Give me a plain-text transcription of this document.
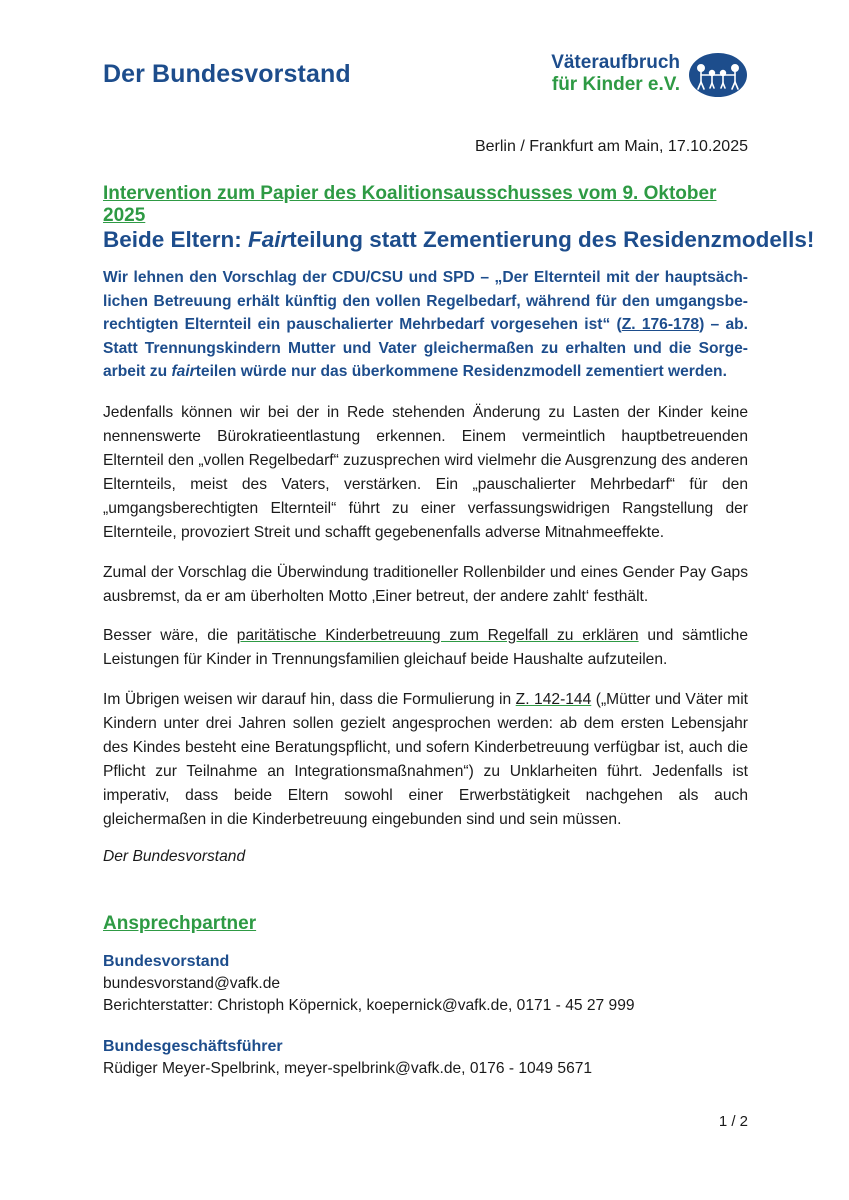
Der Bundesvorstand	Väteraufbruch
für Kinder e.V.
Berlin / Frankfurt am Main, 17.10.2025
Intervention zum Papier des Koalitionsausschusses vom 9. Oktober 2025
Beide Eltern: Fairteilung statt Zementierung des Residenzmodells!
Wir lehnen den Vorschlag der CDU/CSU und SPD – „Der Elternteil mit der hauptsächlichen Betreuung erhält künftig den vollen Regelbedarf, während für den umgangsberechtigten Elternteil ein pauschalierter Mehrbedarf vorgesehen ist“ (Z. 176-178) – ab. Statt Trennungskindern Mutter und Vater gleichermaßen zu erhalten und die Sorgearbeit zu fairteilen würde nur das überkommene Residenzmodell zementiert werden.
Jedenfalls können wir bei der in Rede stehenden Änderung zu Lasten der Kinder keine nennenswerte Bürokratieentlastung erkennen. Einem vermeintlich hauptbetreuenden Elternteil den „vollen Regelbedarf“ zuzusprechen wird vielmehr die Ausgrenzung des anderen Elternteils, meist des Vaters, verstärken. Ein „pauschalierter Mehrbedarf“ für den „umgangsberechtigten Elternteil“ führt zu einer verfassungswidrigen Rangstellung der Elternteile, provoziert Streit und schafft gegebenenfalls adverse Mitnahmeeffekte.
Zumal der Vorschlag die Überwindung traditioneller Rollenbilder und eines Gender Pay Gaps ausbremst, da er am überholten Motto ‚Einer betreut, der andere zahlt‘ festhält.
Besser wäre, die paritätische Kinderbetreuung zum Regelfall zu erklären und sämtliche Leistungen für Kinder in Trennungsfamilien gleichauf beide Haushalte aufzuteilen.
Im Übrigen weisen wir darauf hin, dass die Formulierung in Z. 142-144 („Mütter und Väter mit Kindern unter drei Jahren sollen gezielt angesprochen werden: ab dem ersten Lebensjahr des Kindes besteht eine Beratungspflicht, und sofern Kinderbetreuung verfügbar ist, auch die Pflicht zur Teilnahme an Integrationsmaßnahmen“) zu Unklarheiten führt. Jedenfalls ist imperativ, dass beide Eltern sowohl einer Erwerbstätigkeit nachgehen als auch gleichermaßen in die Kinderbetreuung eingebunden sind und sein müssen.
Der Bundesvorstand
Ansprechpartner
Bundesvorstand
bundesvorstand@vafk.de
Berichterstatter: Christoph Köpernick, koepernick@vafk.de, 0171 - 45 27 999
Bundesgeschäftsführer
Rüdiger Meyer-Spelbrink, meyer-spelbrink@vafk.de, 0176 - 1049 5671
1 / 2
